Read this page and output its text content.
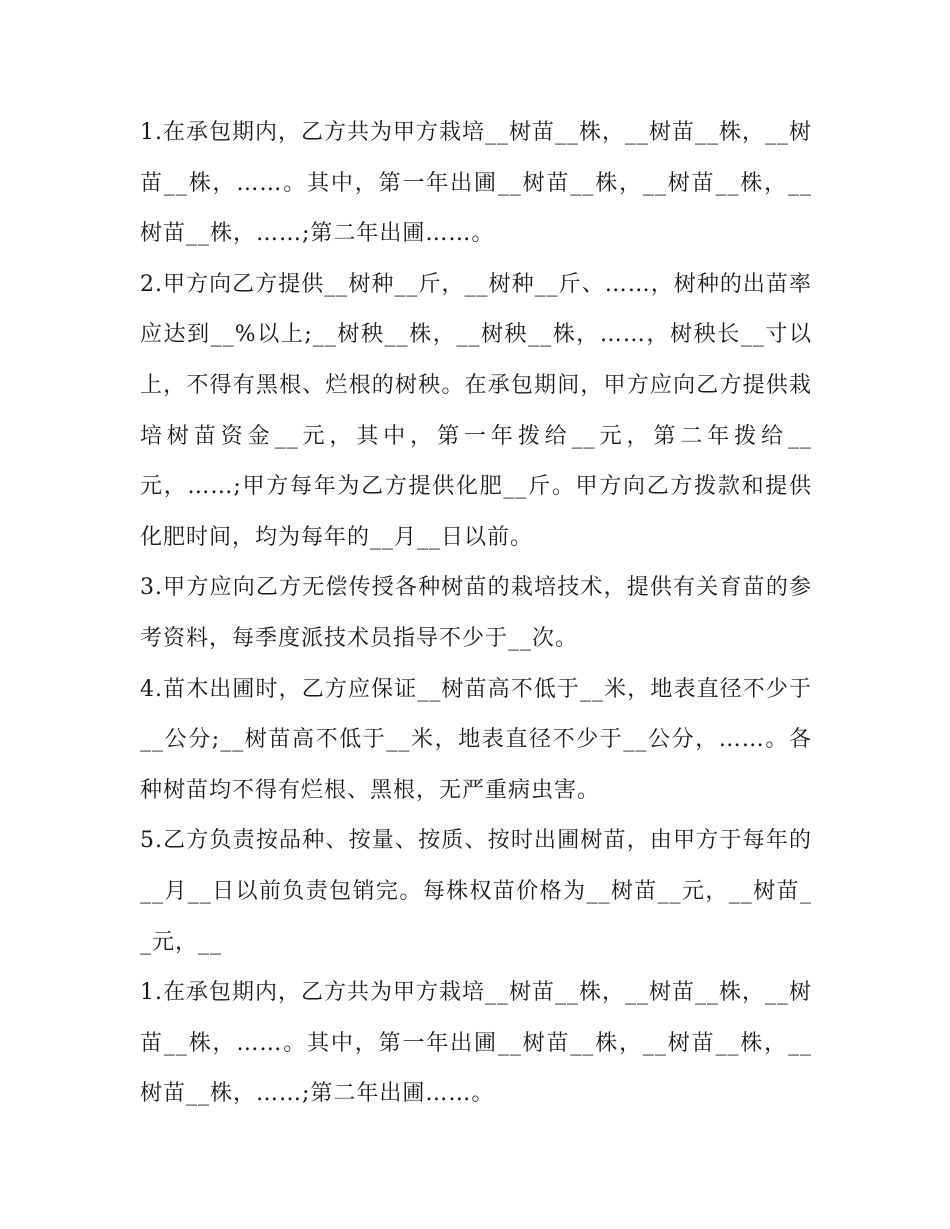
1.在承包期内，乙方共为甲方栽培__树苗__株，__树苗__株，__树苗__株，……。其中，第一年出圃__树苗__株，__树苗__株，__树苗__株，……;第二年出圃……。

2.甲方向乙方提供__树种__斤，__树种__斤、……，树种的出苗率应达到__%以上;__树秧__株，__树秧__株，……，树秧长__寸以上，不得有黑根、烂根的树秧。在承包期间，甲方应向乙方提供栽培树苗资金__元，其中，第一年拨给__元，第二年拨给__元，……;甲方每年为乙方提供化肥__斤。甲方向乙方拨款和提供化肥时间，均为每年的__月__日以前。

3.甲方应向乙方无偿传授各种树苗的栽培技术，提供有关育苗的参考资料，每季度派技术员指导不少于__次。

4.苗木出圃时，乙方应保证__树苗高不低于__米，地表直径不少于__公分;__树苗高不低于__米，地表直径不少于__公分，……。各种树苗均不得有烂根、黑根，无严重病虫害。

5.乙方负责按品种、按量、按质、按时出圃树苗，由甲方于每年的__月__日以前负责包销完。每株权苗价格为__树苗__元，__树苗__元，__

1.在承包期内，乙方共为甲方栽培__树苗__株，__树苗__株，__树苗__株，……。其中，第一年出圃__树苗__株，__树苗__株，__树苗__株，……;第二年出圃……。
